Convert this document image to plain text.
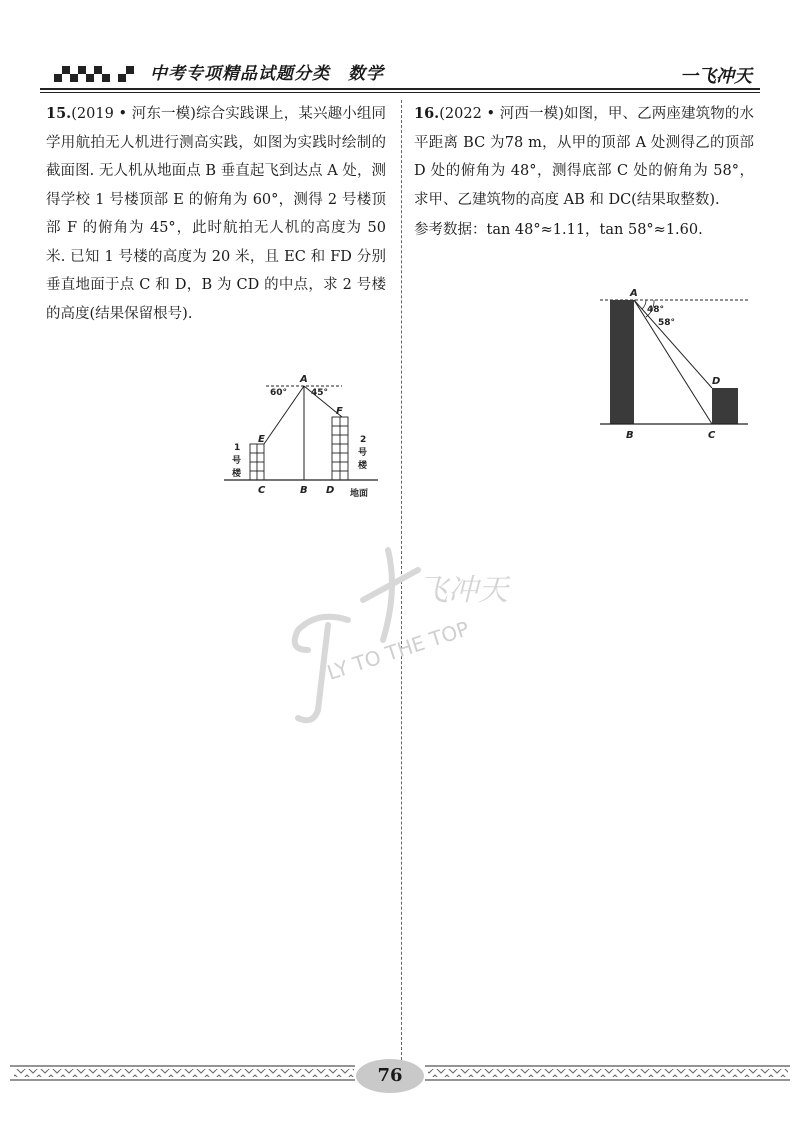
中考专项精品试题分类　数学	一飞冲天
15.(2019 • 河东一模)综合实践课上，某兴趣小组同学用航拍无人机进行测高实践，如图为实践时绘制的截面图. 无人机从地面点 B 垂直起飞到达点 A 处，测得学校 1 号楼顶部 E 的俯角为 60°，测得 2 号楼顶部 F 的俯角为 45°，此时航拍无人机的高度为 50 米. 已知 1 号楼的高度为 20 米，且 EC 和 FD 分别垂直地面于点 C 和 D，B 为 CD 的中点，求 2 号楼的高度(结果保留根号).
A
E
F
C	B D
60°	45°
1
号
楼
2
号
楼
地面
16.(2022 • 河西一模)如图，甲、乙两座建筑物的水平距离 BC 为78 m，从甲的顶部 A 处测得乙的顶部 D 处的俯角为 48°，测得底部 C 处的俯角为 58°，求甲、乙建筑物的高度 AB 和 DC(结果取整数).
参考数据：tan 48°≈1.11，tan 58°≈1.60.
A
D
B	C
48°
58°
飞冲天
LY TO THE TOP
76
